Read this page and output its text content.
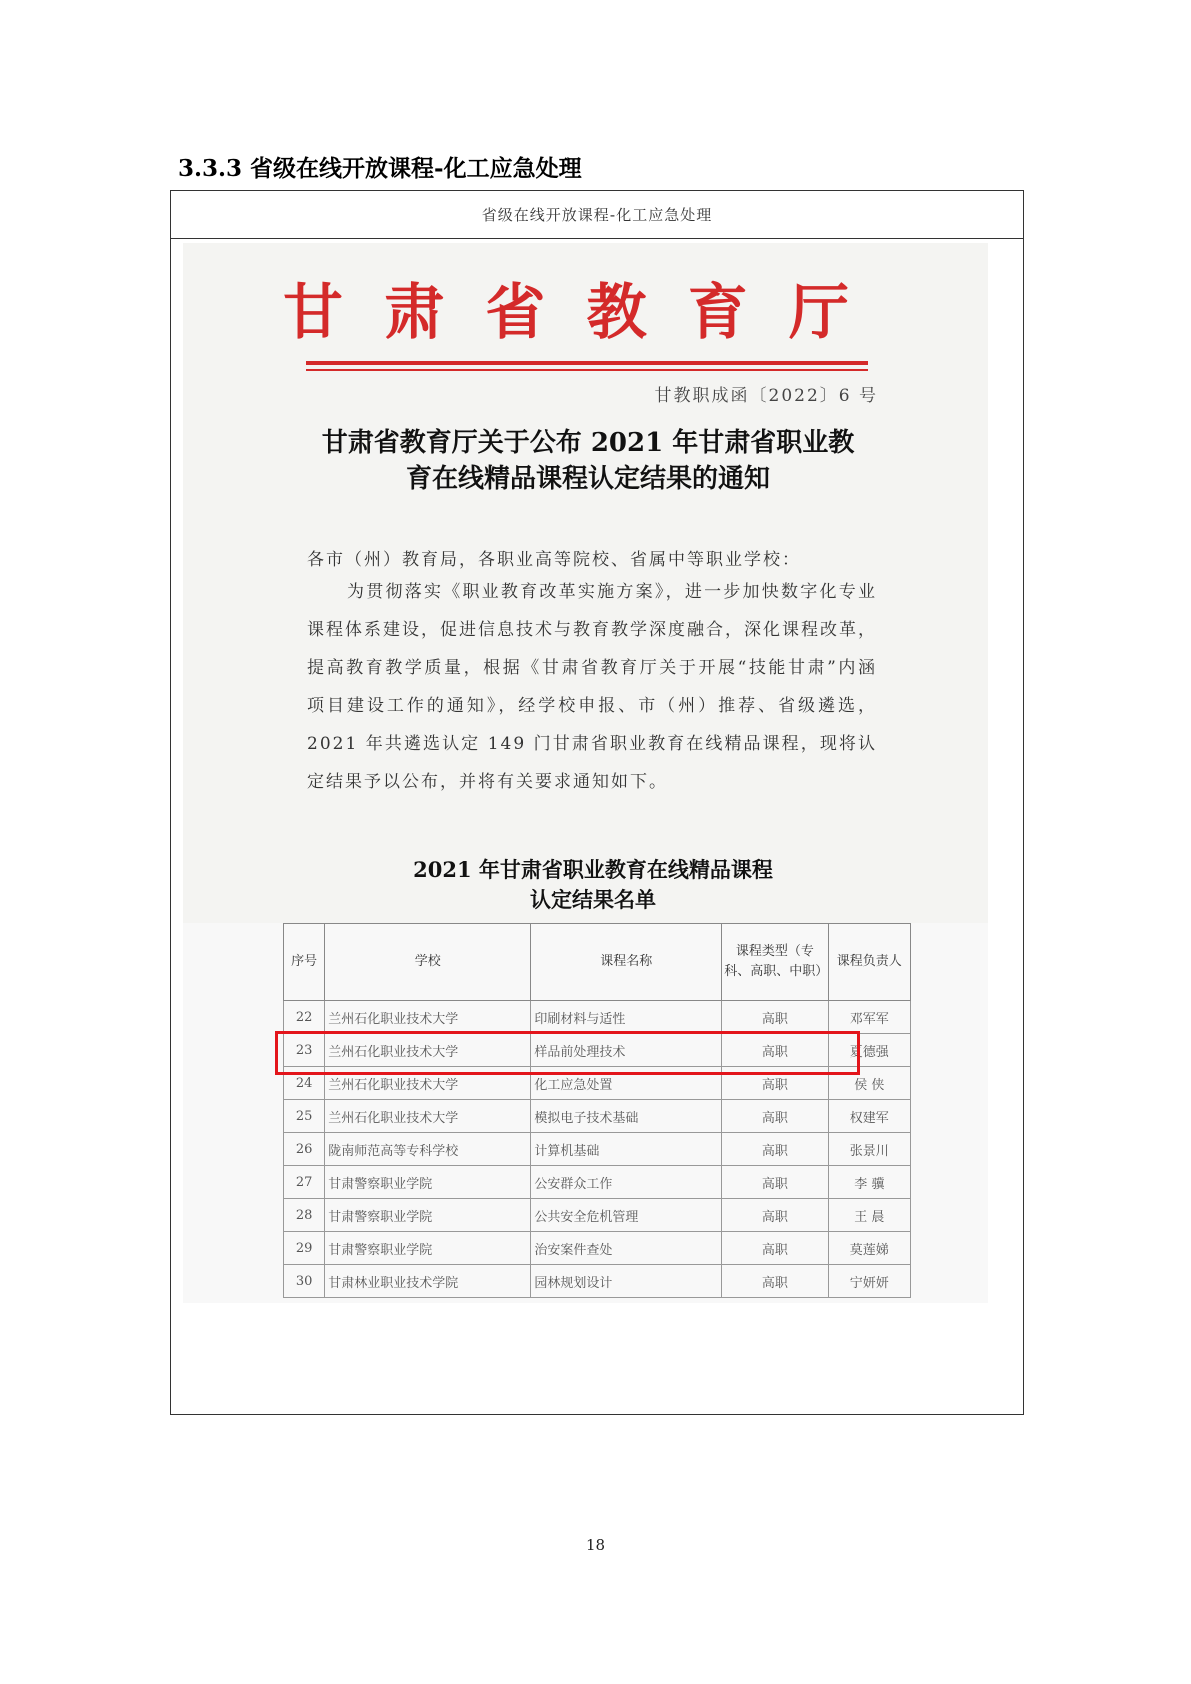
3.3.3 省级在线开放课程-化工应急处理
省级在线开放课程-化工应急处理
甘 肃 省 教 育 厅
甘教职成函〔2022〕6 号
甘肃省教育厅关于公布 2021 年甘肃省职业教
育在线精品课程认定结果的通知
各市（州）教育局，各职业高等院校、省属中等职业学校：
为贯彻落实《职业教育改革实施方案》，进一步加快数字化专业课程体系建设，促进信息技术与教育教学深度融合，深化课程改革，提高教育教学质量，根据《甘肃省教育厅关于开展“技能甘肃”内涵项目建设工作的通知》，经学校申报、市（州）推荐、省级遴选，2021 年共遴选认定 149 门甘肃省职业教育在线精品课程，现将认定结果予以公布，并将有关要求通知如下。
2021 年甘肃省职业教育在线精品课程
认定结果名单
序号	学校	课程名称	课程类型（专科、高职、中职）	课程负责人
22	兰州石化职业技术大学	印刷材料与适性	高职	邓军军
23	兰州石化职业技术大学	样品前处理技术	高职	夏德强
24	兰州石化职业技术大学	化工应急处置	高职	侯 侠
25	兰州石化职业技术大学	模拟电子技术基础	高职	权建军
26	陇南师范高等专科学校	计算机基础	高职	张景川
27	甘肃警察职业学院	公安群众工作	高职	李 骥
28	甘肃警察职业学院	公共安全危机管理	高职	王 晨
29	甘肃警察职业学院	治安案件查处	高职	莫莲娣
30	甘肃林业职业技术学院	园林规划设计	高职	宁妍妍
18
